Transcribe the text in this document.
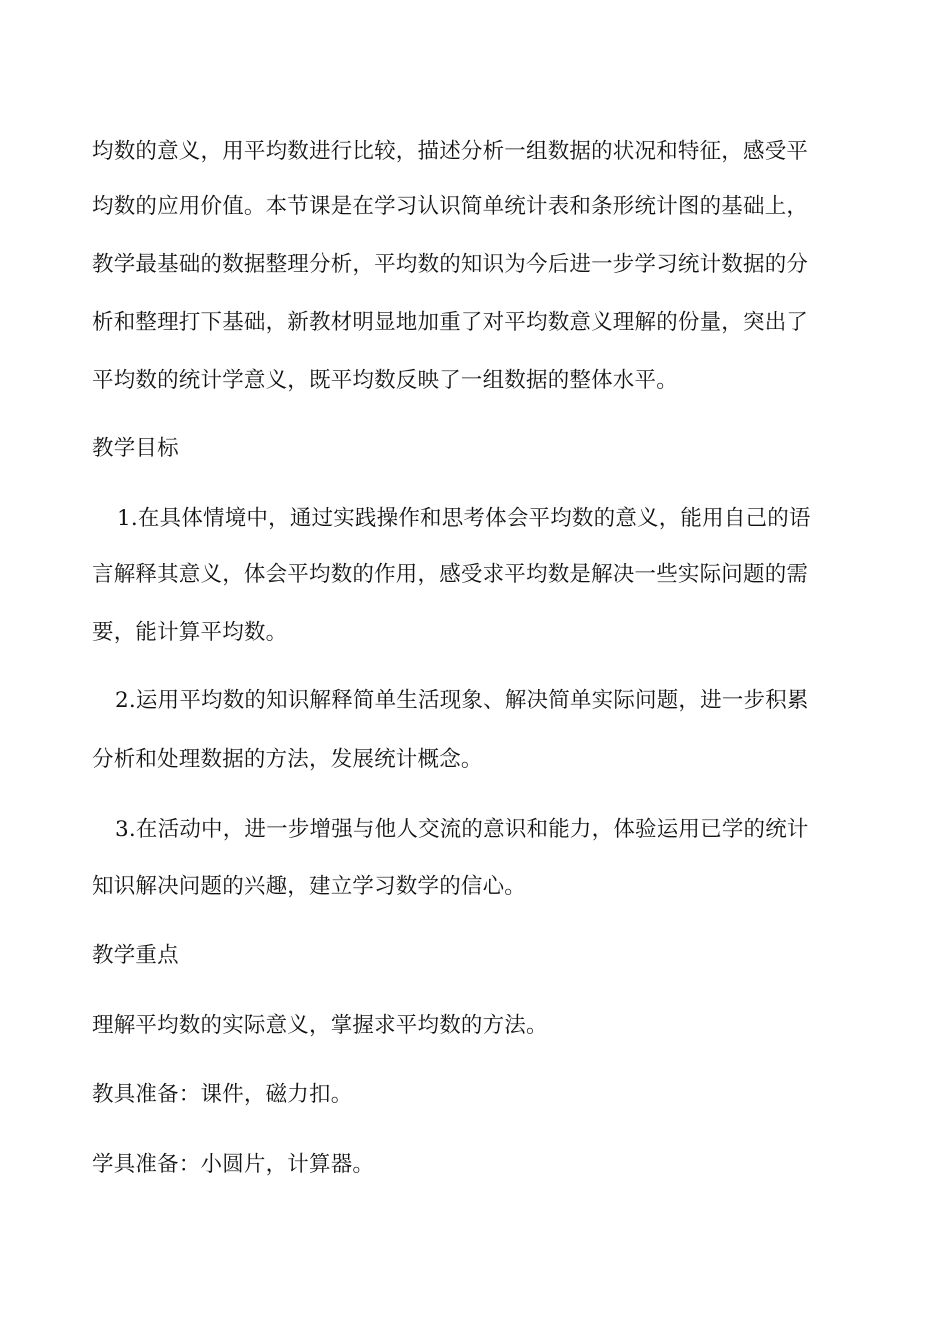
均数的意义，用平均数进行比较，描述分析一组数据的状况和特征，感受平
均数的应用价值。本节课是在学习认识简单统计表和条形统计图的基础上，
教学最基础的数据整理分析，平均数的知识为今后进一步学习统计数据的分
析和整理打下基础，新教材明显地加重了对平均数意义理解的份量，突出了
平均数的统计学意义，既平均数反映了一组数据的整体水平。
教学目标
1.在具体情境中，通过实践操作和思考体会平均数的意义，能用自己的语
言解释其意义，体会平均数的作用，感受求平均数是解决一些实际问题的需
要，能计算平均数。
2.运用平均数的知识解释简单生活现象、解决简单实际问题，进一步积累
分析和处理数据的方法，发展统计概念。
3.在活动中，进一步增强与他人交流的意识和能力，体验运用已学的统计
知识解决问题的兴趣，建立学习数学的信心。
教学重点
理解平均数的实际意义，掌握求平均数的方法。
教具准备：课件，磁力扣。
学具准备：小圆片，计算器。
